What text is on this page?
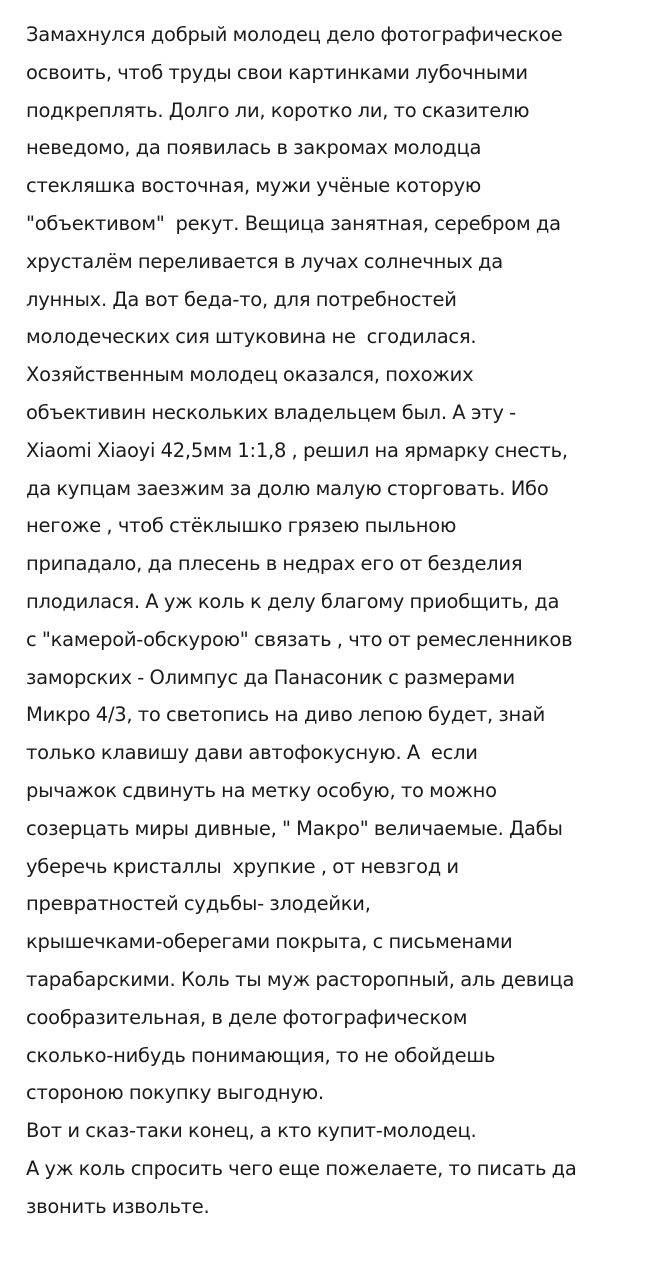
Замахнулся добрый молодец дело фотографическое
освоить, чтоб труды свои картинками лубочными
подкреплять. Долго ли, коротко ли, то сказителю
неведомо, да появилась в закромах молодца
стекляшка восточная, мужи учёные которую
"объективом"  рекут. Вещица занятная, серебром да
хрусталём переливается в лучах солнечных да
лунных. Да вот беда-то, для потребностей
молодеческих сия штуковина не  сгодилася.
Хозяйственным молодец оказался, похожих
объективин нескольких владельцем был. А эту -
Xiaomi Xiaoyi 42,5мм 1:1,8 , решил на ярмарку снесть,
да купцам заезжим за долю малую сторговать. Ибо
негоже , чтоб стёклышко грязею пыльною
припадало, да плесень в недрах его от безделия
плодилася. А уж коль к делу благому приобщить, да
с "камерой-обскурою" связать , что от ремесленников
заморских - Олимпус да Панасоник с размерами
Микро 4/3, то светопись на диво лепою будет, знай
только клавишу дави автофокусную. А  если
рычажок сдвинуть на метку особую, то можно
созерцать миры дивные, " Макро" величаемые. Дабы
уберечь кристаллы  хрупкие , от невзгод и
превратностей судьбы- злодейки,
крышечками-оберегами покрыта, с письменами
тарабарскими. Коль ты муж расторопный, аль девица
сообразительная, в деле фотографическом
сколько-нибудь понимающия, то не обойдешь
стороною покупку выгодную.
Вот и сказ-таки конец, а кто купит-молодец.
А уж коль спросить чего еще пожелаете, то писать да
звонить извольте.
